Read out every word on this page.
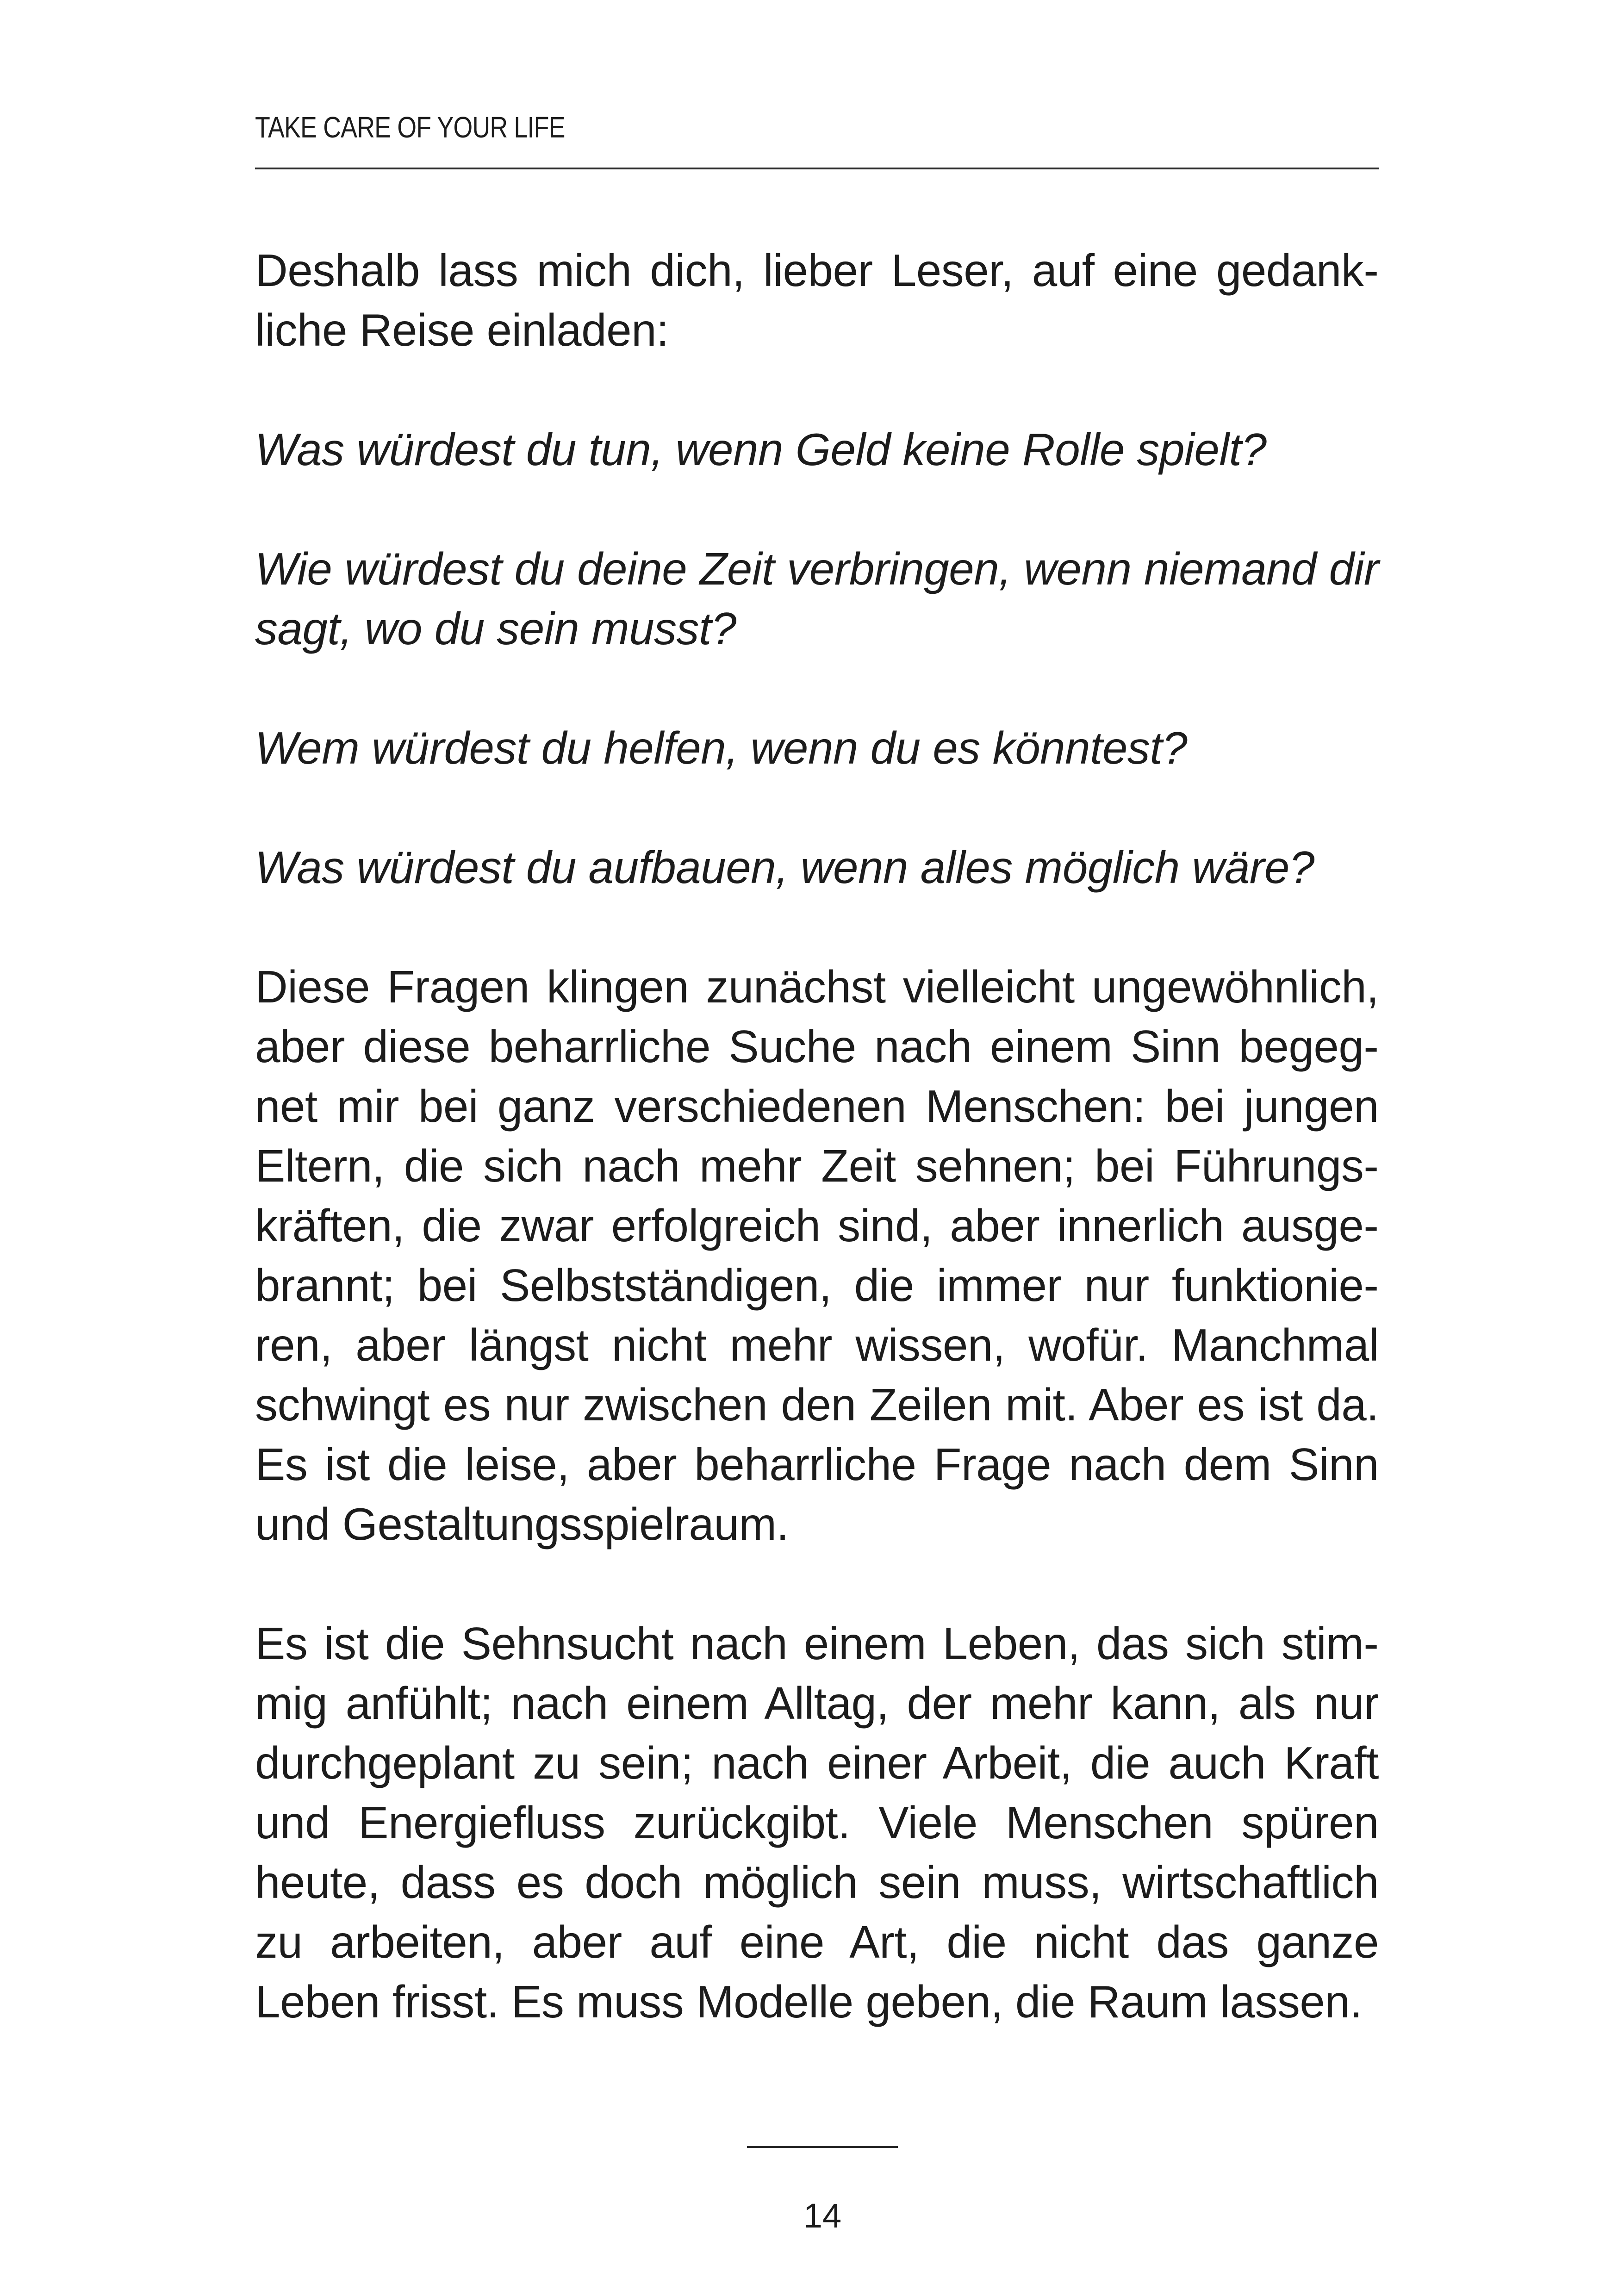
TAKE CARE OF YOUR LIFE

Deshalb lass mich dich, lieber Leser, auf eine gedankliche Reise einladen:

Was würdest du tun, wenn Geld keine Rolle spielt?

Wie würdest du deine Zeit verbringen, wenn niemand dir sagt, wo du sein musst?

Wem würdest du helfen, wenn du es könntest?

Was würdest du aufbauen, wenn alles möglich wäre?

Diese Fragen klingen zunächst vielleicht ungewöhnlich, aber diese beharrliche Suche nach einem Sinn begegnet mir bei ganz verschiedenen Menschen: bei jungen Eltern, die sich nach mehr Zeit sehnen; bei Führungskräften, die zwar erfolgreich sind, aber innerlich ausgebrannt; bei Selbstständigen, die immer nur funktionieren, aber längst nicht mehr wissen, wofür. Manchmal schwingt es nur zwischen den Zeilen mit. Aber es ist da. Es ist die leise, aber beharrliche Frage nach dem Sinn und Gestaltungsspielraum.

Es ist die Sehnsucht nach einem Leben, das sich stimmig anfühlt; nach einem Alltag, der mehr kann, als nur durchgeplant zu sein; nach einer Arbeit, die auch Kraft und Energiefluss zurückgibt. Viele Menschen spüren heute, dass es doch möglich sein muss, wirtschaftlich zu arbeiten, aber auf eine Art, die nicht das ganze Leben frisst. Es muss Modelle geben, die Raum lassen.

14
